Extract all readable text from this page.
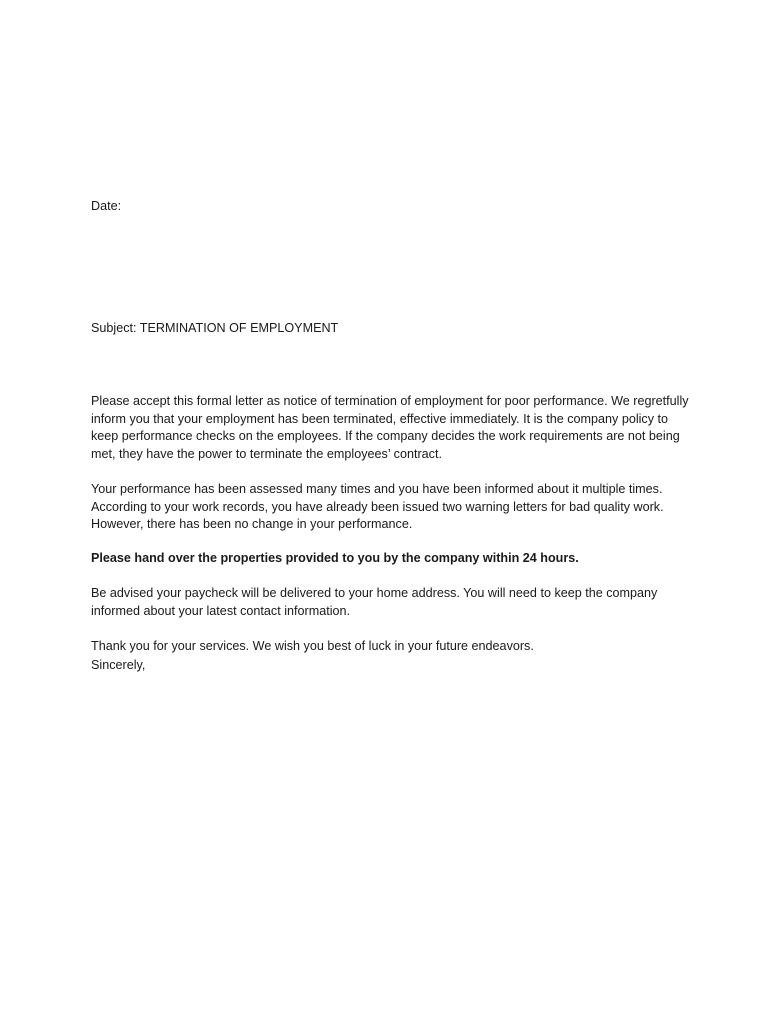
Date:
Subject: TERMINATION OF EMPLOYMENT
Please accept this formal letter as notice of termination of employment for poor performance. We regretfully
inform you that your employment has been terminated, effective immediately. It is the company policy to
keep performance checks on the employees. If the company decides the work requirements are not being
met, they have the power to terminate the employees’ contract.
Your performance has been assessed many times and you have been informed about it multiple times.
According to your work records, you have already been issued two warning letters for bad quality work.
However, there has been no change in your performance.
Please hand over the properties provided to you by the company within 24 hours.
Be advised your paycheck will be delivered to your home address. You will need to keep the company
informed about your latest contact information.
Thank you for your services. We wish you best of luck in your future endeavors.
Sincerely,
